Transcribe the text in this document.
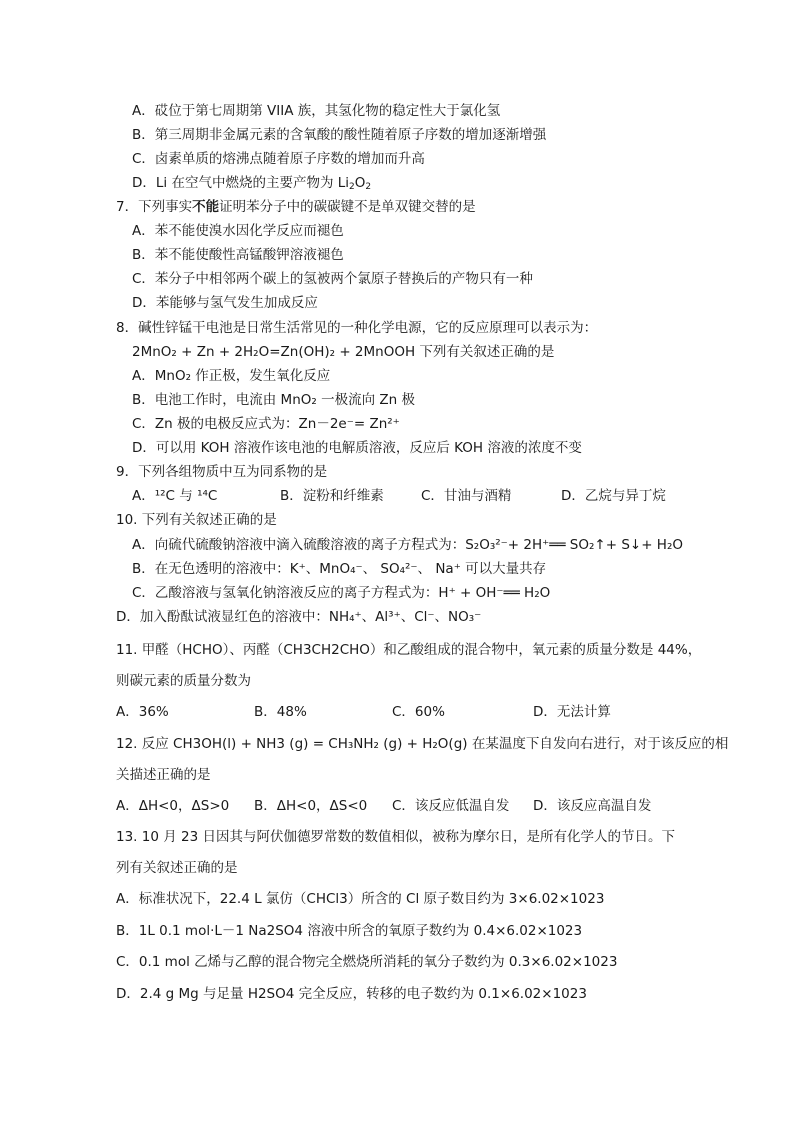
A．砹位于第七周期第 VIIA 族，其氢化物的稳定性大于氯化氢
B．第三周期非金属元素的含氧酸的酸性随着原子序数的增加逐渐增强
C．卤素单质的熔沸点随着原子序数的增加而升高
D．Li 在空气中燃烧的主要产物为 $Li_2O_2$
7．下列事实不能证明苯分子中的碳碳键不是单双键交替的是
A．苯不能使溴水因化学反应而褪色
B．苯不能使酸性高锰酸钾溶液褪色
C．苯分子中相邻两个碳上的氢被两个氯原子替换后的产物只有一种
D．苯能够与氢气发生加成反应
8．碱性锌锰干电池是日常生活常见的一种化学电源，它的反应原理可以表示为：
2MnO₂ + Zn + 2H₂O=Zn(OH)₂ + 2MnOOH 下列有关叙述正确的是
A．MnO₂ 作正极，发生氧化反应
B．电池工作时，电流由 MnO₂ 一极流向 Zn 极
C．Zn 极的电极反应式为：Zn－2e⁻= Zn²⁺
D．可以用 KOH 溶液作该电池的电解质溶液，反应后 KOH 溶液的浓度不变
9．下列各组物质中互为同系物的是
A．¹²C 与 ¹⁴C	B．淀粉和纤维素	C．甘油与酒精	D．乙烷与异丁烷
10. 下列有关叙述正确的是
A．向硫代硫酸钠溶液中滴入硫酸溶液的离子方程式为：S₂O₃²⁻+ 2H⁺══ SO₂↑+ S↓+ H₂O
B．在无色透明的溶液中：K⁺、MnO₄⁻、 SO₄²⁻、 Na⁺ 可以大量共存
C．乙酸溶液与氢氧化钠溶液反应的离子方程式为：H⁺ + OH⁻══ H₂O
D．加入酚酞试液显红色的溶液中：NH₄⁺、Al³⁺、Cl⁻、NO₃⁻
11. 甲醛（HCHO）、丙醛（CH3CH2CHO）和乙酸组成的混合物中，氧元素的质量分数是 44%，
则碳元素的质量分数为
A．36%	B．48%	C．60%	D．无法计算
12. 反应 CH3OH(l) + NH3 (g) = CH₃NH₂ (g) + H₂O(g) 在某温度下自发向右进行，对于该反应的相
关描述正确的是
A．ΔH<0，ΔS>0 B．ΔH<0，ΔS<0 C．该反应低温自发 D．该反应高温自发
13. 10 月 23 日因其与阿伏伽德罗常数的数值相似，被称为摩尔日，是所有化学人的节日。下
列有关叙述正确的是
A．标准状况下，22.4 L 氯仿（CHCl3）所含的 Cl 原子数目约为 3×6.02×1023
B．1L 0.1 mol·L－1 Na2SO4 溶液中所含的氧原子数约为 0.4×6.02×1023
C．0.1 mol 乙烯与乙醇的混合物完全燃烧所消耗的氧分子数约为 0.3×6.02×1023
D．2.4 g Mg 与足量 H2SO4 完全反应，转移的电子数约为 0.1×6.02×1023
